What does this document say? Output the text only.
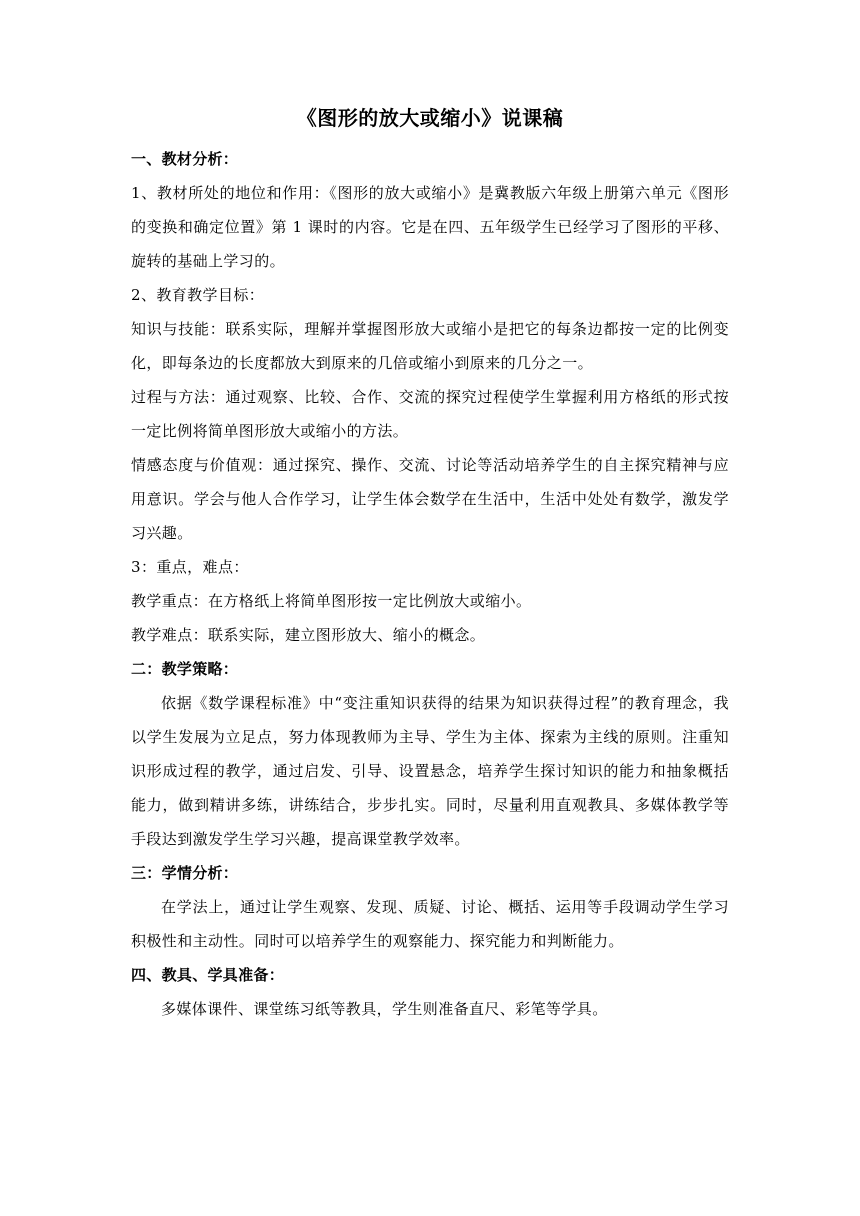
《图形的放大或缩小》说课稿
一、教材分析：
1、教材所处的地位和作用：《图形的放大或缩小》是冀教版六年级上册第六单元《图形的变换和确定位置》第 1 课时的内容。它是在四、五年级学生已经学习了图形的平移、旋转的基础上学习的。
2、教育教学目标：
知识与技能：联系实际，理解并掌握图形放大或缩小是把它的每条边都按一定的比例变化，即每条边的长度都放大到原来的几倍或缩小到原来的几分之一。
过程与方法：通过观察、比较、合作、交流的探究过程使学生掌握利用方格纸的形式按一定比例将简单图形放大或缩小的方法。
情感态度与价值观：通过探究、操作、交流、讨论等活动培养学生的自主探究精神与应用意识。学会与他人合作学习，让学生体会数学在生活中，生活中处处有数学，激发学习兴趣。
3：重点，难点：
教学重点：在方格纸上将简单图形按一定比例放大或缩小。
教学难点：联系实际，建立图形放大、缩小的概念。
二：教学策略：
依据《数学课程标准》中“变注重知识获得的结果为知识获得过程”的教育理念，我以学生发展为立足点，努力体现教师为主导、学生为主体、探索为主线的原则。注重知识形成过程的教学，通过启发、引导、设置悬念，培养学生探讨知识的能力和抽象概括能力，做到精讲多练，讲练结合，步步扎实。同时，尽量利用直观教具、多媒体教学等手段达到激发学生学习兴趣，提高课堂教学效率。
三：学情分析：
在学法上，通过让学生观察、发现、质疑、讨论、概括、运用等手段调动学生学习积极性和主动性。同时可以培养学生的观察能力、探究能力和判断能力。
四、教具、学具准备：
多媒体课件、课堂练习纸等教具，学生则准备直尺、彩笔等学具。
